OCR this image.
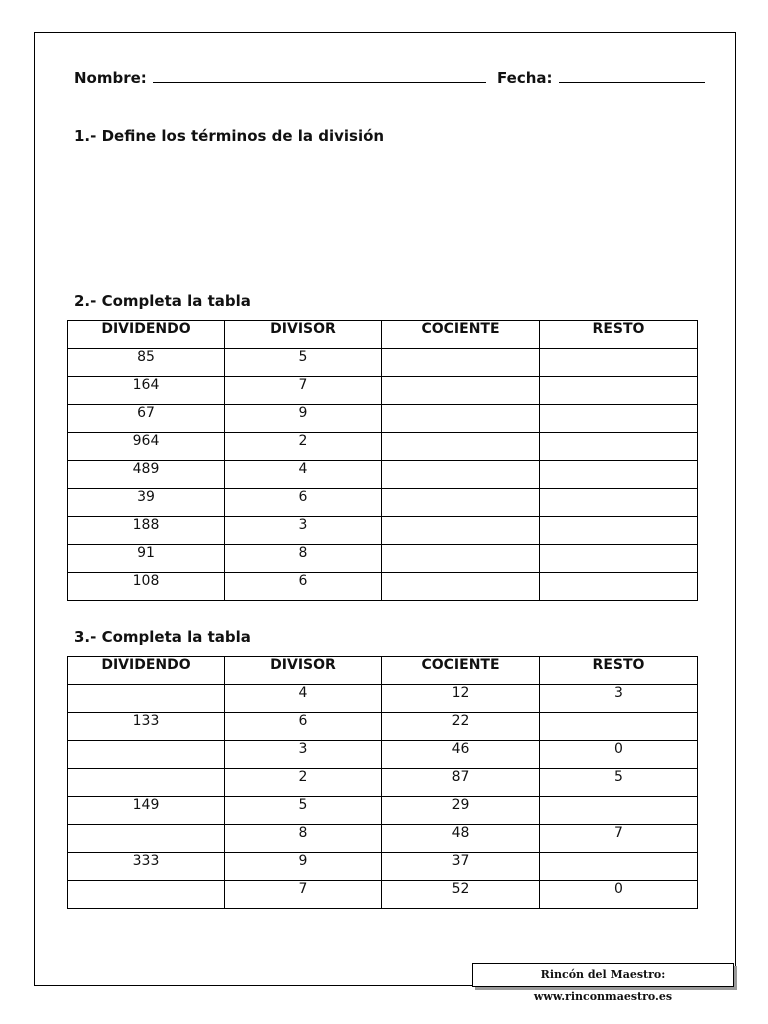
Nombre:	Fecha:
1.- Define los términos de la división
2.- Completa la tabla
DIVIDENDO	DIVISOR	COCIENTE	RESTO
85	5		
164	7		
67	9		
964	2		
489	4		
39	6		
188	3		
91	8		
108	6		
3.- Completa la tabla
DIVIDENDO	DIVISOR	COCIENTE	RESTO
	4	12	3
133	6	22	
	3	46	0
	2	87	5
149	5	29	
	8	48	7
333	9	37	
	7	52	0
Rincón del Maestro: www.rinconmaestro.es
